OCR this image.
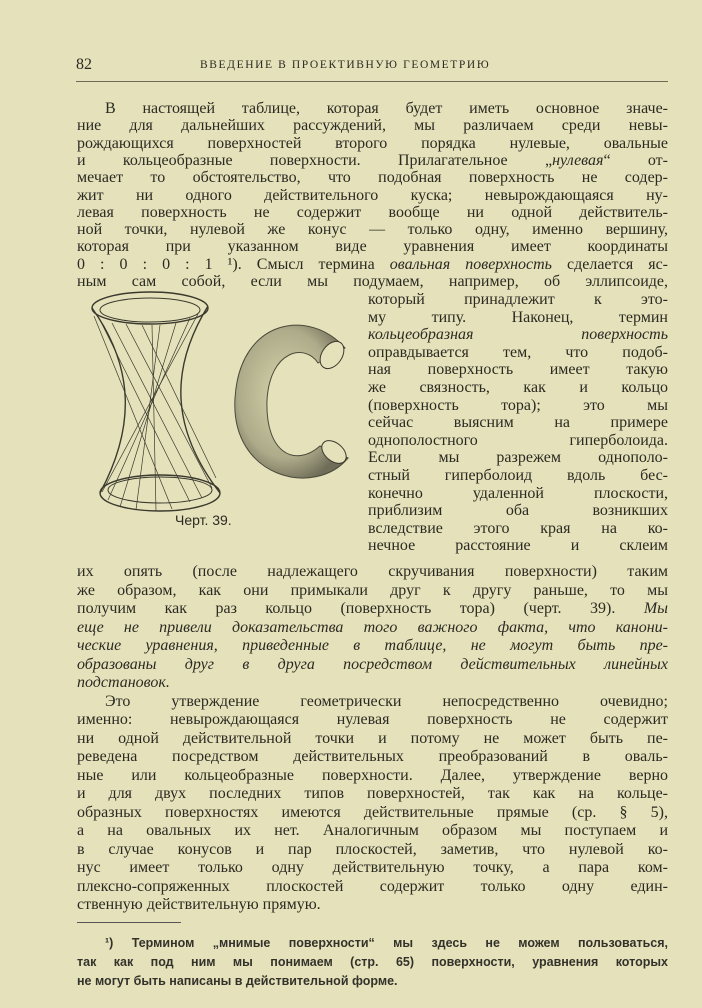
82	ВВЕДЕНИЕ В ПРОЕКТИВНУЮ ГЕОМЕТРИЮ
В настоящей таблице, которая будет иметь основное значе-
ние для дальнейших рассуждений, мы различаем среди невы-
рождающихся поверхностей второго порядка нулевые, овальные
и кольцеобразные поверхности. Прилагательное „нулевая“ от-
мечает то обстоятельство, что подобная поверхность не содер-
жит ни одного действительного куска; невырождающаяся ну-
левая поверхность не содержит вообще ни одной действитель-
ной точки, нулевой же конус — только одну, именно вершину,
которая при указанном виде уравнения имеет координаты
0 : 0 : 0 : 1 ¹). Смысл термина овальная поверхность сделается яс-
ным сам собой, если мы подумаем, например, об эллипсоиде,
который принадлежит к это-
му типу. Наконец, термин
кольцеобразная поверхность
оправдывается тем, что подоб-
ная поверхность имеет такую
же связность, как и кольцо
(поверхность тора); это мы
сейчас выясним на примере
однополостного гиперболоида.
Если мы разрежем однополо-
стный гиперболоид вдоль бес-
конечно удаленной плоскости,
приблизим оба возникших
вследствие этого края на ко-
нечное расстояние и склеим
их опять (после надлежащего скручивания поверхности) таким
же образом, как они примыкали друг к другу раньше, то мы
получим как раз кольцо (поверхность тора) (черт. 39). Мы
еще не привели доказательства того важного факта, что канони-
ческие уравнения, приведенные в таблице, не могут быть пре-
образованы друг в друга посредством действительных линейных
подстановок.
Это утверждение геометрически непосредственно очевидно;
именно: невырождающаяся нулевая поверхность не содержит
ни одной действительной точки и потому не может быть пе-
реведена посредством действительных преобразований в оваль-
ные или кольцеобразные поверхности. Далее, утверждение верно
и для двух последних типов поверхностей, так как на кольце-
образных поверхностях имеются действительные прямые (ср. § 5),
а на овальных их нет. Аналогичным образом мы поступаем и
в случае конусов и пар плоскостей, заметив, что нулевой ко-
нус имеет только одну действительную точку, а пара ком-
плексно-сопряженных плоскостей содержит только одну един-
ственную действительную прямую.
Черт. 39.
¹) Термином „мнимые поверхности“ мы здесь не можем пользоваться,
так как под ним мы понимаем (стр. 65) поверхности, уравнения которых
не могут быть написаны в действительной форме.
